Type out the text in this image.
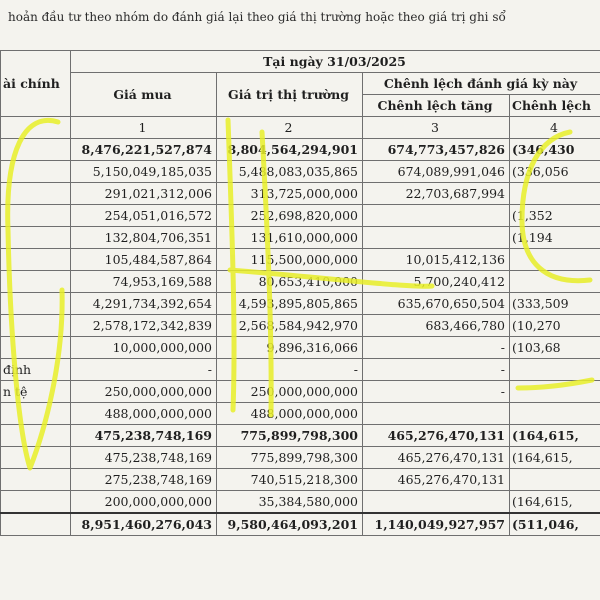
hoản đầu tư theo nhóm do đánh giá lại theo giá thị trường hoặc theo giá trị ghi sổ
ài chính	Tại ngày 31/03/2025			
	Giá mua	Giá trị thị trường	Chênh lệch đánh giá kỳ này	
			Chênh lệch tăng	Chênh lệch
	1	2	3	4
	8,476,221,527,874	8,804,564,294,901	674,773,457,826	(346,430
	5,150,049,185,035	5,488,083,035,865	674,089,991,046	(336,056
	291,021,312,006	313,725,000,000	22,703,687,994	
	254,051,016,572	252,698,820,000		(1,352
	132,804,706,351	131,610,000,000		(1,194
	105,484,587,864	115,500,000,000	10,015,412,136	
	74,953,169,588	80,653,410,000	5,700,240,412	
	4,291,734,392,654	4,593,895,805,865	635,670,650,504	(333,509
	2,578,172,342,839	2,568,584,942,970	683,466,780	(10,270
	10,000,000,000	9,896,316,066	-	(103,68
định	-	-	-	
n tệ	250,000,000,000	250,000,000,000	-	
	488,000,000,000	488,000,000,000		
	475,238,748,169	775,899,798,300	465,276,470,131	(164,615,
	475,238,748,169	775,899,798,300	465,276,470,131	(164,615,
	275,238,748,169	740,515,218,300	465,276,470,131	
	200,000,000,000	35,384,580,000		(164,615,
	8,951,460,276,043	9,580,464,093,201	1,140,049,927,957	(511,046,
